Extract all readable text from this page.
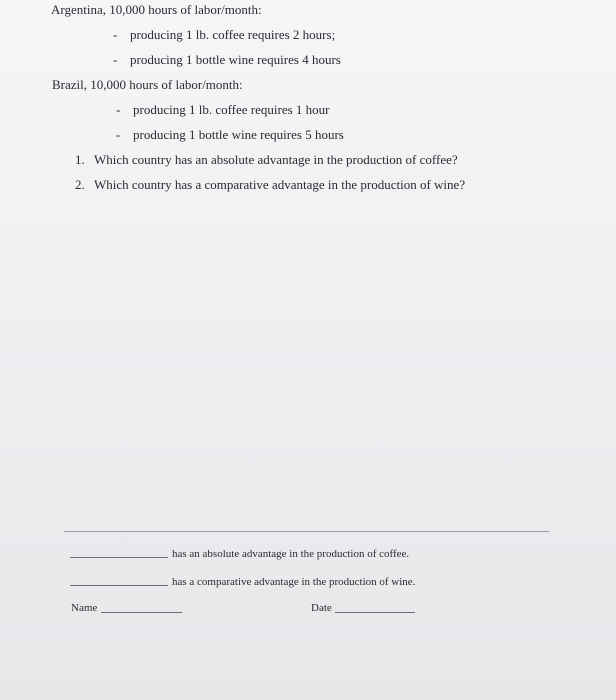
Argentina, 10,000 hours of labor/month:
- producing 1 lb. coffee requires 2 hours;
- producing 1 bottle wine requires 4 hours
Brazil, 10,000 hours of labor/month:
- producing 1 lb. coffee requires 1 hour
- producing 1 bottle wine requires 5 hours
1. Which country has an absolute advantage in the production of coffee?
2. Which country has a comparative advantage in the production of wine?
has an absolute advantage in the production of coffee.
has a comparative advantage in the production of wine.
Name	Date
